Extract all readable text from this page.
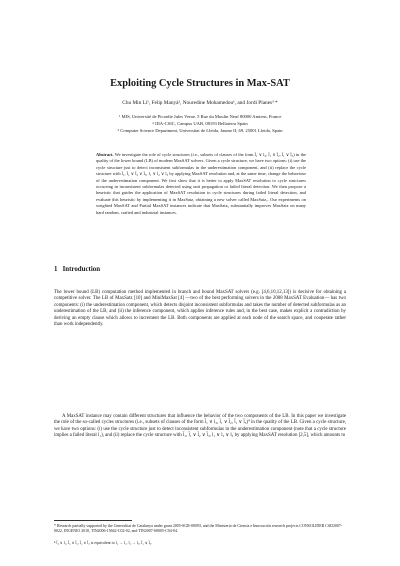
Exploiting Cycle Structures in Max-SAT
Chu Min Li¹, Felip Manyà², Nouredine Mohamedou¹, and Jordi Planes³ *
$^1$ MIS, Université de Picardie Jules Verne, 5 Rue du Moulin Neuf 80000 Amiens, France
$^2$ IIIA-CSIC, Campus UAB, 08193 Bellaterra Spain
$^3$ Computer Science Department, Universitat de Lleida, Jaume II, 69, 25001 Lleida, Spain
Abstract. We investigate the role of cycle structures (i.e., subsets of clauses of the form l̄₁ ∨ l₂, l̄₁ ∨ l̄₂, l̄₁ ∨ l̄₃) in the quality of the lower bound (LB) of modern MaxSAT solvers. Given a cycle structure, we have two options: (i) use the cycle structure just to detect inconsistent subformulas in the underestimation component, and (ii) replace the cycle structure with l̄₁, l̄₁ ∨ l̄₂ ∨ l̄₃, l₁ ∨ l₂ ∨ l₃ by applying MaxSAT resolution and, at the same time, change the behaviour of the underestimation component. We first show that it is better to apply MaxSAT resolution to cycle structures occurring in inconsistent subformulas detected using unit propagation or failed literal detection. We then propose a heuristic that guides the application of MaxSAT resolution to cycle structures during failed literal detection, and evaluate this heuristic by implementing it in MaxSatz, obtaining a new solver called MaxSatz꜀. Our experiments on weighted MaxSAT and Partial MaxSAT instances indicate that MaxSatz꜀ substantially improves MaxSatz on many hard random, crafted and industrial instances.
1 Introduction

The lower bound (LB) computation method implemented in branch and bound MaxSAT solvers (e.g. [4,6,10,12,13]) is decisive for obtaining a competitive solver. The LB of MaxSatz [10] and MiniMaxSat [4] —two of the best performing solvers in the 2008 MaxSAT Evaluation— has two components: (i) the underestimation component, which detects disjoint inconsistent subformulas and takes the number of detected subformulas as an underestimation of the LB, and (ii) the inference component, which applies inference rules and, in the best case, makes explicit a contradiction by deriving an empty clause which allows to increment the LB. Both components are applied at each node of the search space, and cooperate rather than work independently.

A MaxSAT instance may contain different structures that influence the behavior of the two components of the LB. In this paper we investigate the role of the so-called cycles structures (i.e., subsets of clauses of the form l̄₁ ∨ l₂, l̄₁ ∨ l̄₂, l̄₁ ∨ l̄₃)⁴ in the quality of the LB. Given a cycle structure, we have two options: (i) use the cycle structure just to detect inconsistent subformulas in the underestimation component (note that a cycle structure implies a failed literal l₁), and (ii) replace the cycle structure with l̄₁, l̄₁ ∨ l̄₂ ∨ l̄₃, l₁ ∨ l₂ ∨ l₃ by applying MaxSAT resolution [2,5], which amounts to

* Research partially supported by the Generalitat de Catalunya under grant 2005-SGR-00093, and the Ministerio de Ciencia e Innovación research projects CONSOLIDER CSD2007-0022, INGENIO 2010, TIN2006-15662-C02-02, and TIN2007-68005-C04-04.
⁴ l̄₁ ∨ l₂, l̄₁ ∨ l̄₂, l̄₂ ∨ l̄₃ is equivalent to l₁ → l₂, l₁ → l₃, l̄₂ ∨ l̄₃.
